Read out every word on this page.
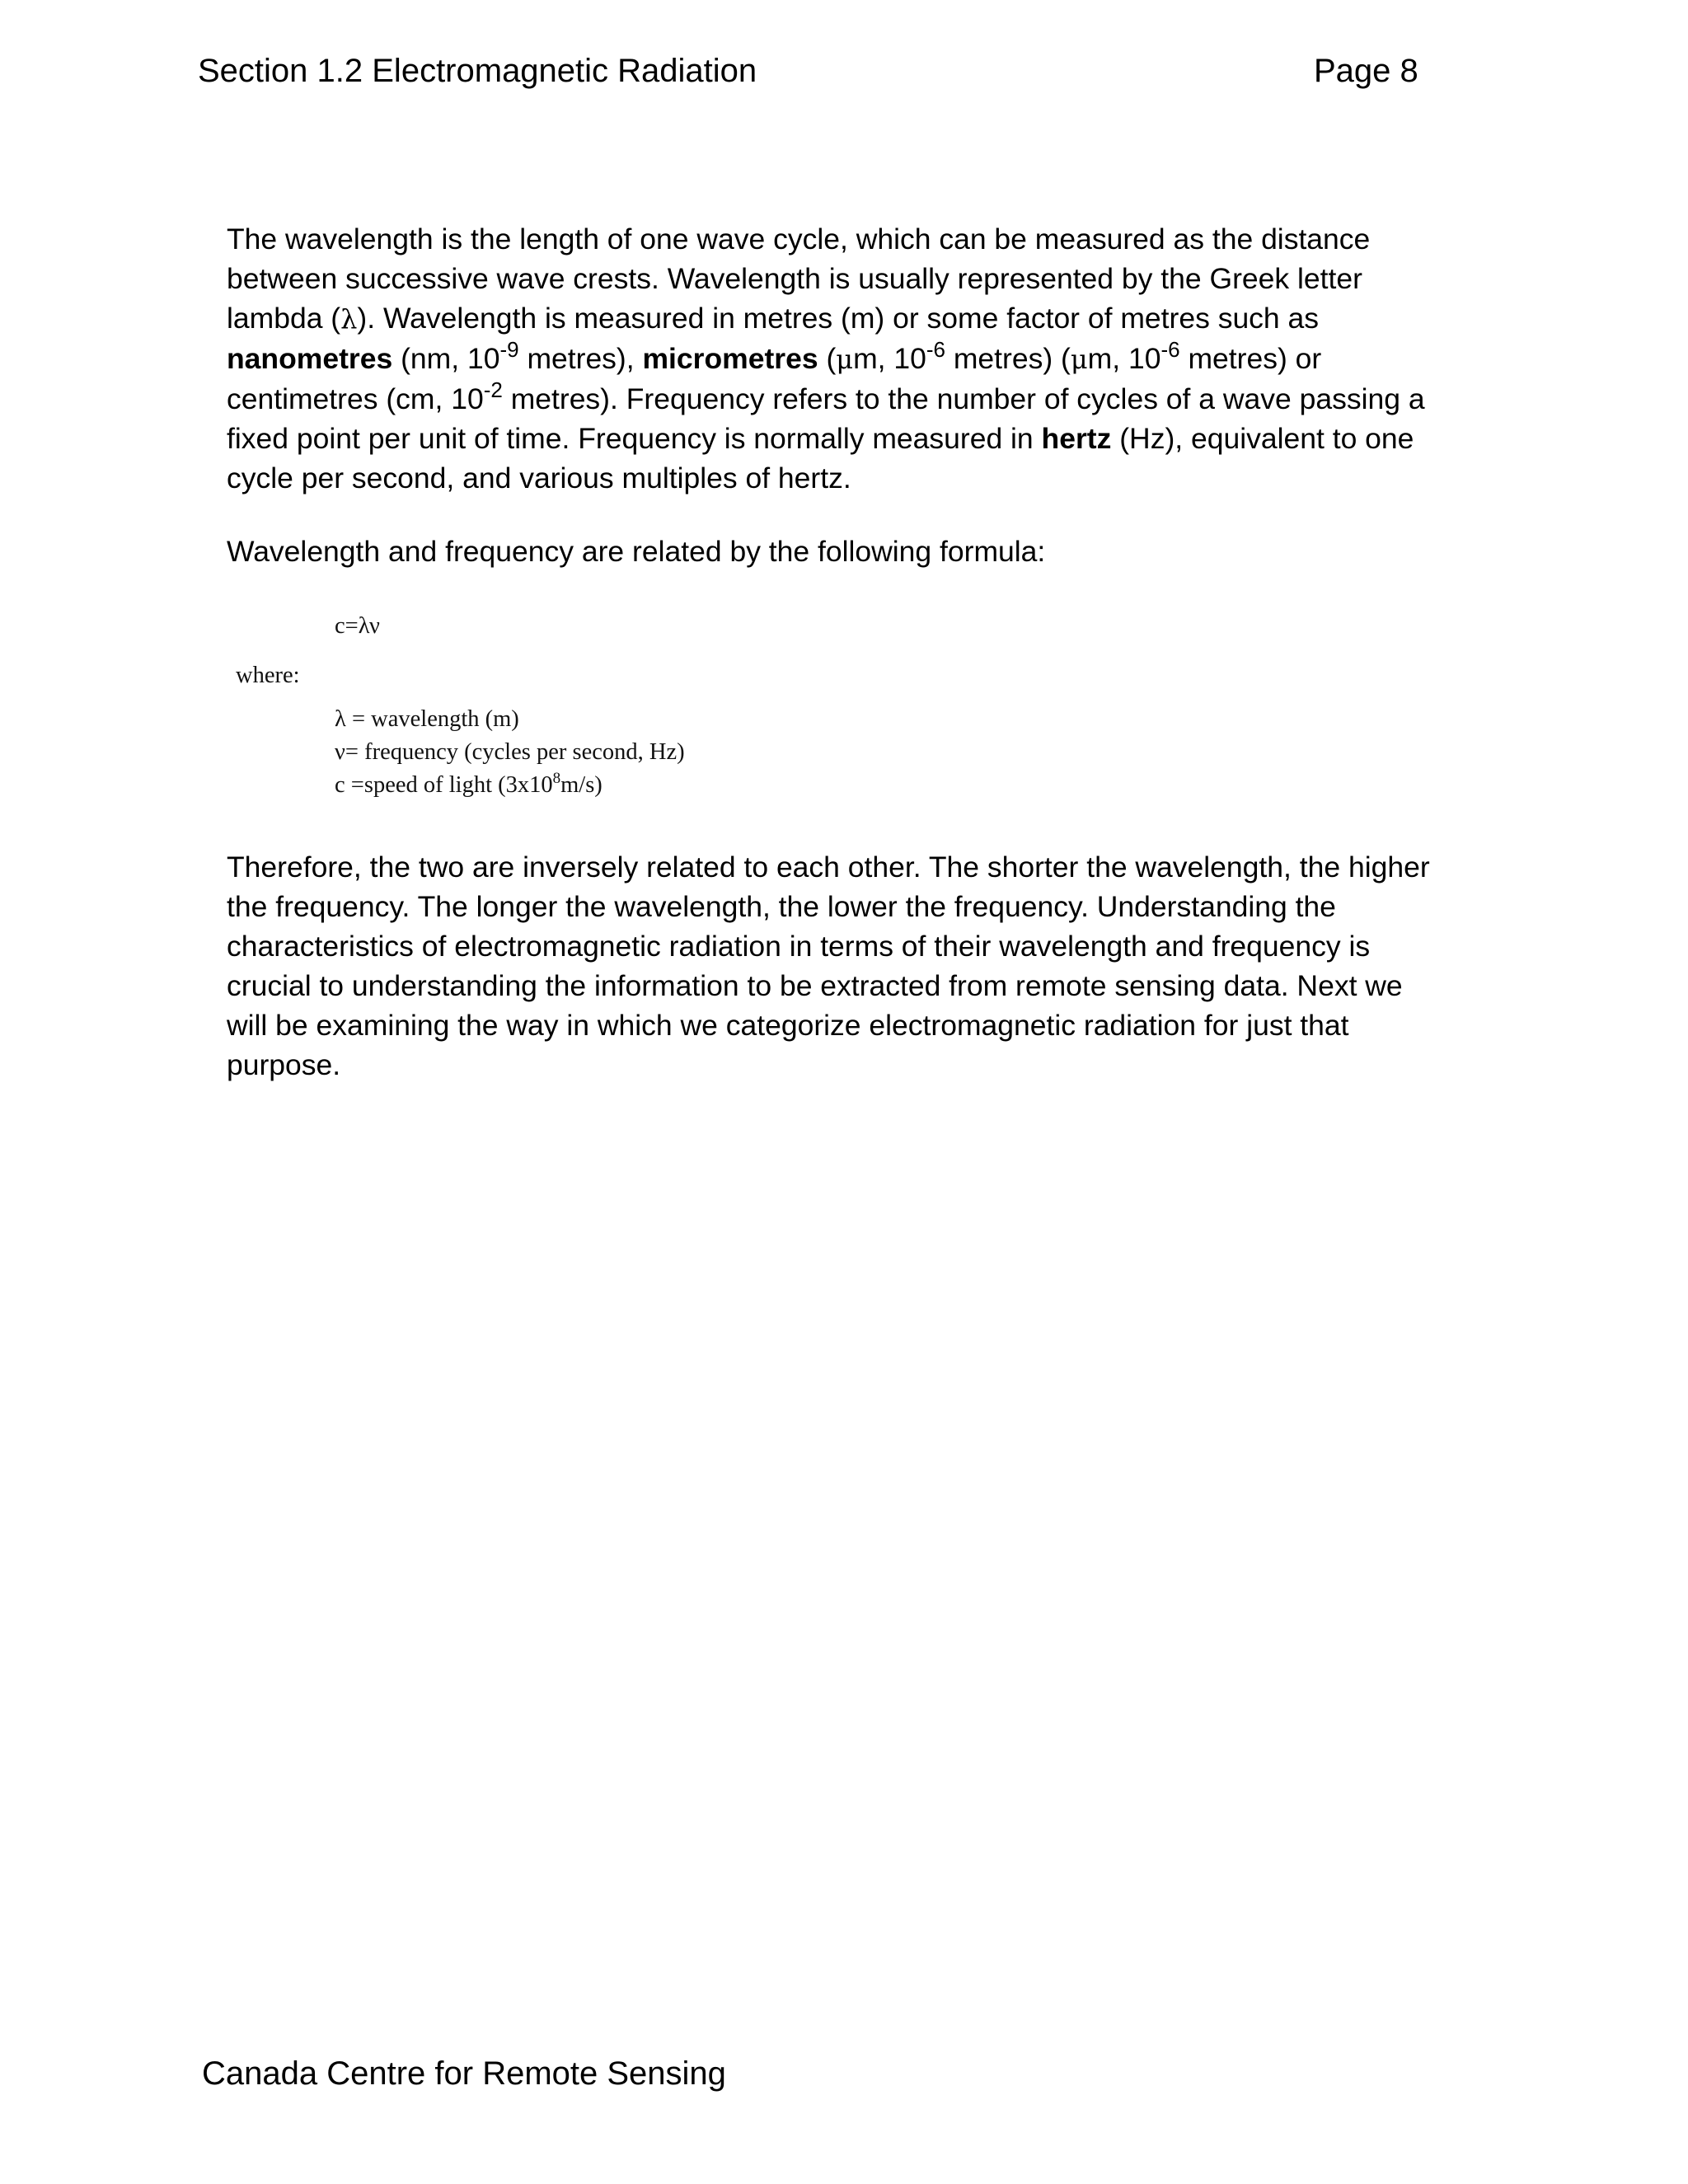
Section 1.2 Electromagnetic Radiation	Page 8

The wavelength is the length of one wave cycle, which can be measured as the distance
between successive wave crests. Wavelength is usually represented by the Greek letter
lambda (λ). Wavelength is measured in metres (m) or some factor of metres such as
nanometres (nm, $10^{-9}$ metres), micrometres (μm, $10^{-6}$ metres) (μm, $10^{-6}$ metres) or
centimetres (cm, $10^{-2}$ metres). Frequency refers to the number of cycles of a wave passing a
fixed point per unit of time. Frequency is normally measured in hertz (Hz), equivalent to one
cycle per second, and various multiples of hertz.

Wavelength and frequency are related by the following formula:

c=λν
where:
λ = wavelength (m)
ν= frequency (cycles per second, Hz)
c =speed of light $(3x10^8m/s)$

Therefore, the two are inversely related to each other. The shorter the wavelength, the higher
the frequency. The longer the wavelength, the lower the frequency. Understanding the
characteristics of electromagnetic radiation in terms of their wavelength and frequency is
crucial to understanding the information to be extracted from remote sensing data. Next we
will be examining the way in which we categorize electromagnetic radiation for just that
purpose.

Canada Centre for Remote Sensing
